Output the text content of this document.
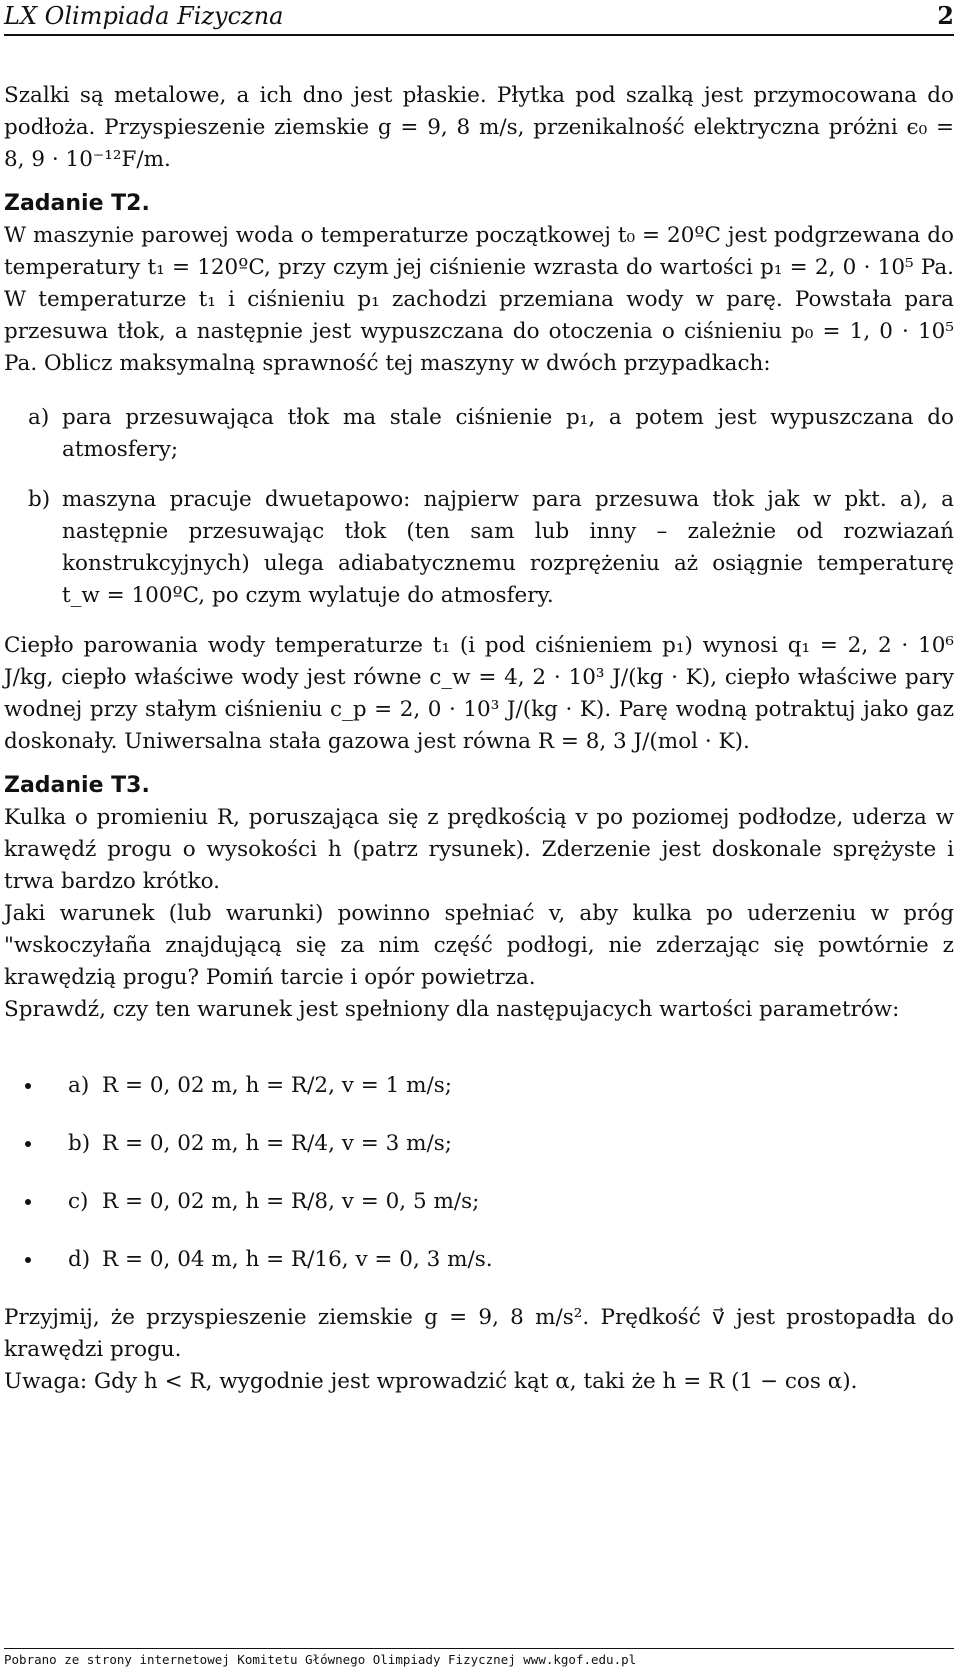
LX Olimpiada Fizyczna	2

Szalki są metalowe, a ich dno jest płaskie. Płytka pod szalką jest przymocowana do podłoża. Przyspieszenie ziemskie g = 9, 8 m/s, przenikalność elektryczna próżni ϵ₀ = 8, 9 · 10⁻¹²F/m.

Zadanie T2.

W maszynie parowej woda o temperaturze początkowej t₀ = 20ºC jest podgrzewana do temperatury t₁ = 120ºC, przy czym jej ciśnienie wzrasta do wartości p₁ = 2, 0 · 10⁵ Pa. W temperaturze t₁ i ciśnieniu p₁ zachodzi przemiana wody w parę. Powstała para przesuwa tłok, a następnie jest wypuszczana do otoczenia o ciśnieniu p₀ = 1, 0 · 10⁵ Pa. Oblicz maksymalną sprawność tej maszyny w dwóch przypadkach:

a) para przesuwająca tłok ma stale ciśnienie p₁, a potem jest wypuszczana do atmosfery;
b) maszyna pracuje dwuetapowo: najpierw para przesuwa tłok jak w pkt. a), a następnie przesuwając tłok (ten sam lub inny – zależnie od rozwiazań konstrukcyjnych) ulega adiabatycznemu rozprężeniu aż osiągnie temperaturę t_w = 100ºC, po czym wylatuje do atmosfery.

Ciepło parowania wody temperaturze t₁ (i pod ciśnieniem p₁) wynosi q₁ = 2, 2 · 10⁶ J/kg, ciepło właściwe wody jest równe c_w = 4, 2 · 10³ J/(kg · K), ciepło właściwe pary wodnej przy stałym ciśnieniu c_p = 2, 0 · 10³ J/(kg · K). Parę wodną potraktuj jako gaz doskonały. Uniwersalna stała gazowa jest równa R = 8, 3 J/(mol · K).

Zadanie T3.

Kulka o promieniu R, poruszająca się z prędkością v po poziomej podłodze, uderza w krawędź progu o wysokości h (patrz rysunek). Zderzenie jest doskonale sprężyste i trwa bardzo krótko.

Jaki warunek (lub warunki) powinno spełniać v, aby kulka po uderzeniu w próg "wskoczyłaña znajdującą się za nim część podłogi, nie zderzając się powtórnie z krawędzią progu? Pomiń tarcie i opór powietrza.

Sprawdź, czy ten warunek jest spełniony dla następujacych wartości parametrów:

• a) R = 0, 02 m, h = R/2, v = 1 m/s;
• b) R = 0, 02 m, h = R/4, v = 3 m/s;
• c) R = 0, 02 m, h = R/8, v = 0, 5 m/s;
• d) R = 0, 04 m, h = R/16, v = 0, 3 m/s.

Przyjmij, że przyspieszenie ziemskie g = 9, 8 m/s². Prędkość v⃗ jest prostopadła do krawędzi progu.

Uwaga: Gdy h < R, wygodnie jest wprowadzić kąt α, taki że h = R (1 − cos α).

Pobrano ze strony internetowej Komitetu Głównego Olimpiady Fizycznej www.kgof.edu.pl
